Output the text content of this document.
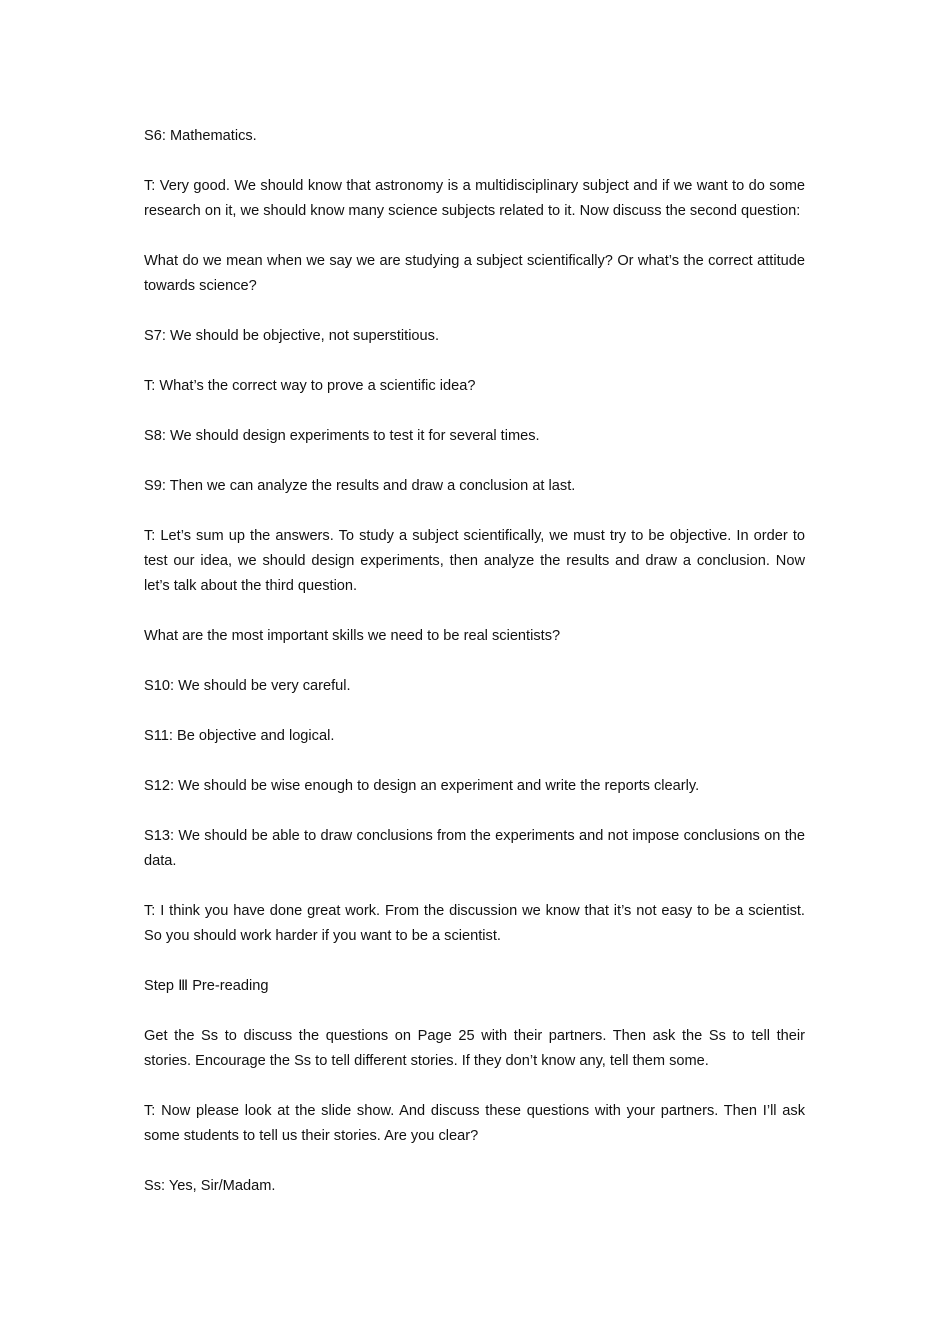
S6: Mathematics.

T: Very good. We should know that astronomy is a multidisciplinary subject and if we want to do some research on it, we should know many science subjects related to it. Now discuss the second question:

What do we mean when we say we are studying a subject scientifically? Or what’s the correct attitude towards science?

S7: We should be objective, not superstitious.

T: What’s the correct way to prove a scientific idea?

S8: We should design experiments to test it for several times.

S9: Then we can analyze the results and draw a conclusion at last.

T: Let’s sum up the answers. To study a subject scientifically, we must try to be objective. In order to test our idea, we should design experiments, then analyze the results and draw a conclusion. Now let’s talk about the third question.

What are the most important skills we need to be real scientists?

S10: We should be very careful.

S11: Be objective and logical.

S12: We should be wise enough to design an experiment and write the reports clearly.

S13: We should be able to draw conclusions from the experiments and not impose conclusions on the data.

T: I think you have done great work. From the discussion we know that it’s not easy to be a scientist. So you should work harder if you want to be a scientist.

Step Ⅲ Pre-reading

Get the Ss to discuss the questions on Page 25 with their partners. Then ask the Ss to tell their stories. Encourage the Ss to tell different stories. If they don’t know any, tell them some.

T: Now please look at the slide show. And discuss these questions with your partners. Then I’ll ask some students to tell us their stories. Are you clear?

Ss: Yes, Sir/Madam.
